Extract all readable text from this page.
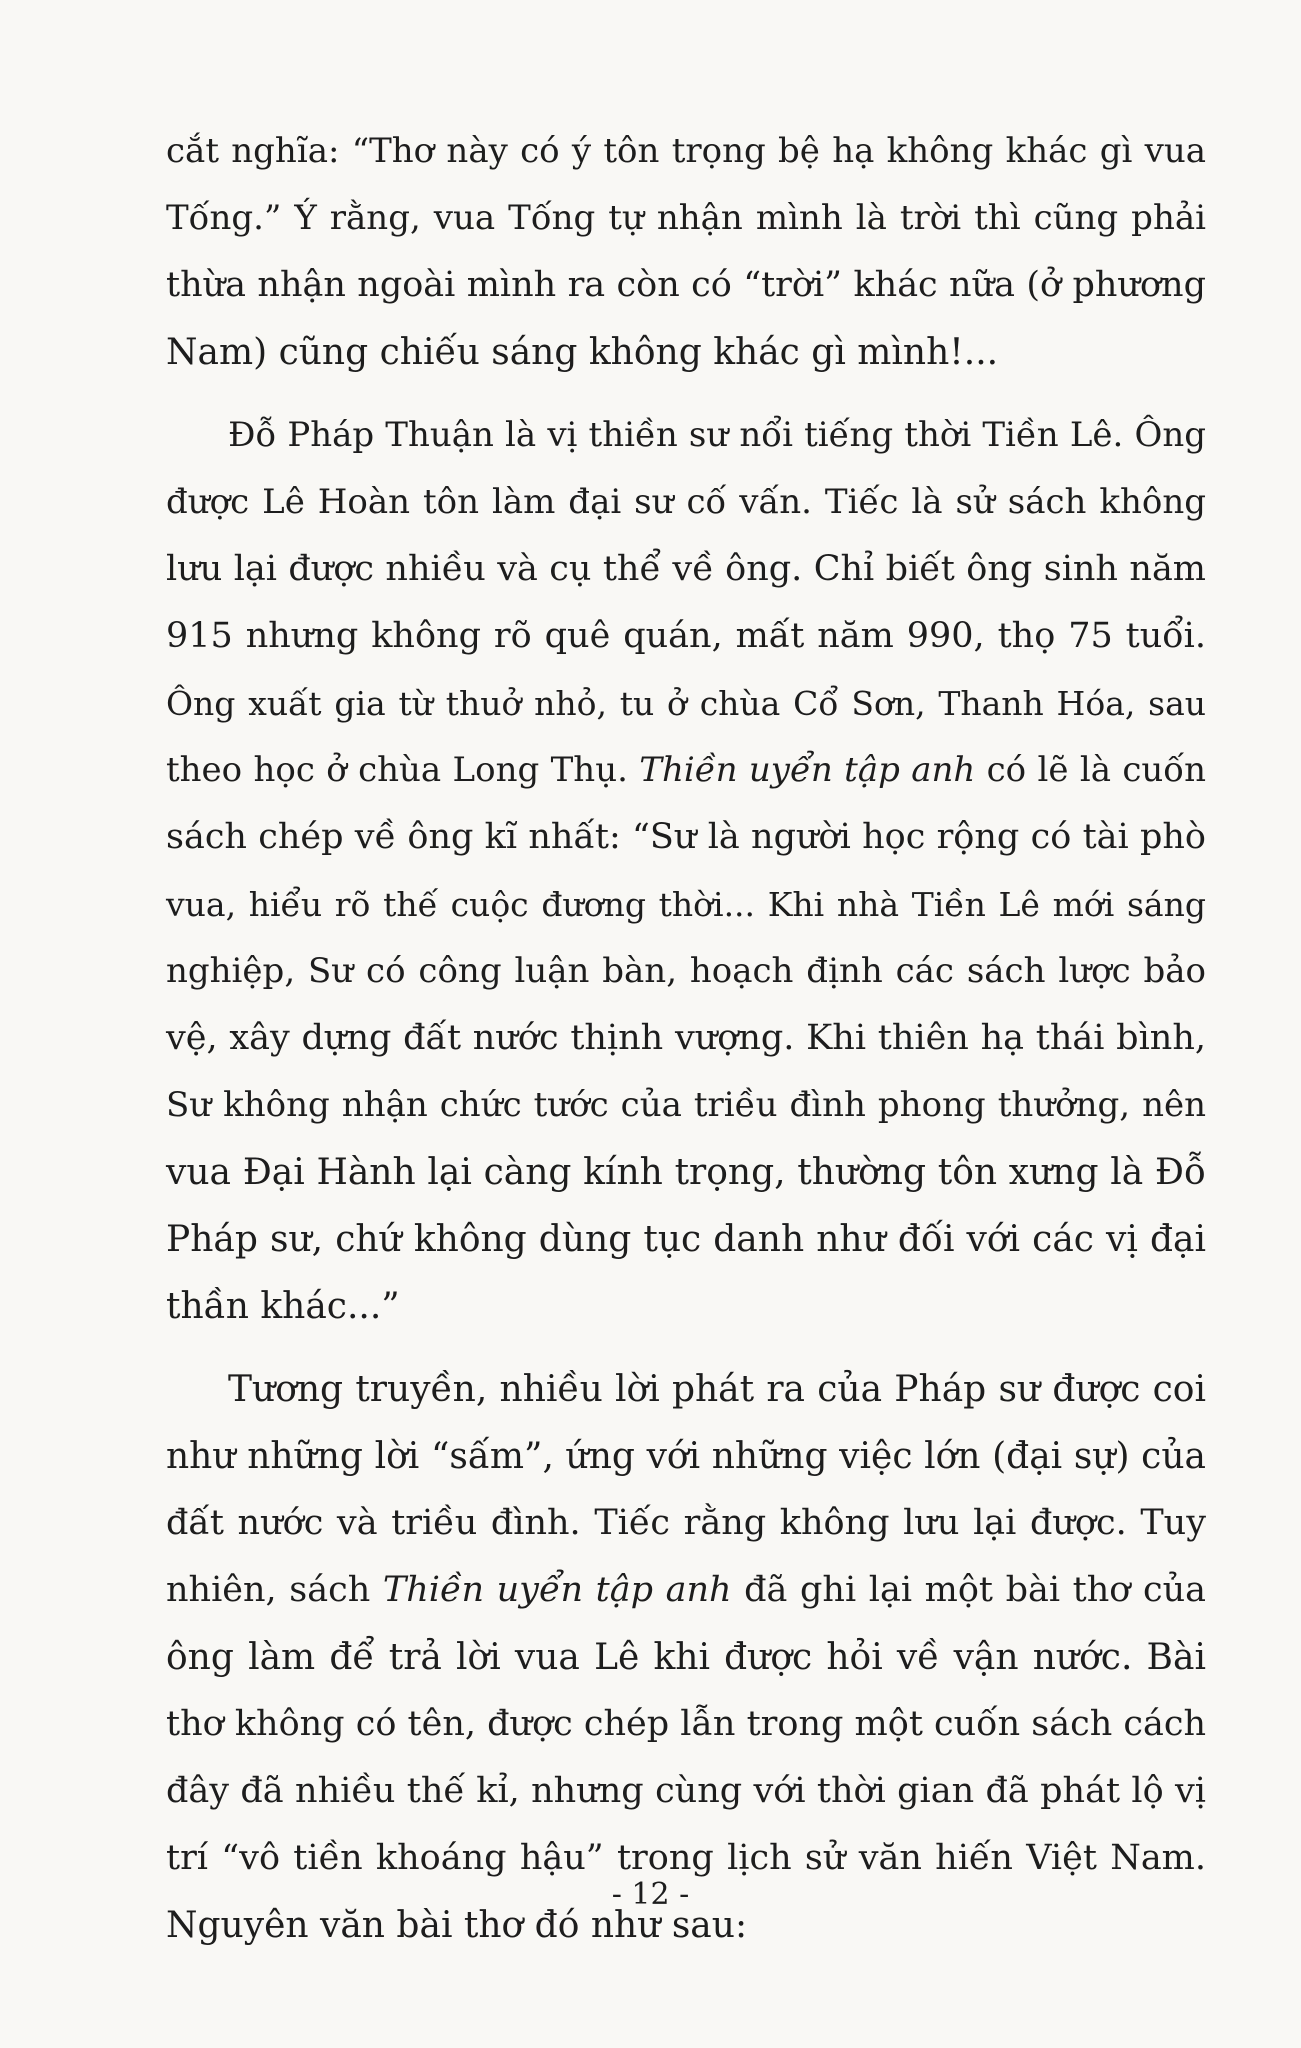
cắt nghĩa: “Thơ này có ý tôn trọng bệ hạ không khác gì vua
Tống.” Ý rằng, vua Tống tự nhận mình là trời thì cũng phải
thừa nhận ngoài mình ra còn có “trời” khác nữa (ở phương
Nam) cũng chiếu sáng không khác gì mình!...
Đỗ Pháp Thuận là vị thiền sư nổi tiếng thời Tiền Lê. Ông
được Lê Hoàn tôn làm đại sư cố vấn. Tiếc là sử sách không
lưu lại được nhiều và cụ thể về ông. Chỉ biết ông sinh năm
915 nhưng không rõ quê quán, mất năm 990, thọ 75 tuổi.
Ông xuất gia từ thuở nhỏ, tu ở chùa Cổ Sơn, Thanh Hóa, sau
theo học ở chùa Long Thụ. Thiền uyển tập anh có lẽ là cuốn
sách chép về ông kĩ nhất: “Sư là người học rộng có tài phò
vua, hiểu rõ thế cuộc đương thời... Khi nhà Tiền Lê mới sáng
nghiệp, Sư có công luận bàn, hoạch định các sách lược bảo
vệ, xây dựng đất nước thịnh vượng. Khi thiên hạ thái bình,
Sư không nhận chức tước của triều đình phong thưởng, nên
vua Đại Hành lại càng kính trọng, thường tôn xưng là Đỗ
Pháp sư, chứ không dùng tục danh như đối với các vị đại
thần khác...”
Tương truyền, nhiều lời phát ra của Pháp sư được coi
như những lời “sấm”, ứng với những việc lớn (đại sự) của
đất nước và triều đình. Tiếc rằng không lưu lại được. Tuy
nhiên, sách Thiền uyển tập anh đã ghi lại một bài thơ của
ông làm để trả lời vua Lê khi được hỏi về vận nước. Bài
thơ không có tên, được chép lẫn trong một cuốn sách cách
đây đã nhiều thế kỉ, nhưng cùng với thời gian đã phát lộ vị
trí “vô tiền khoáng hậu” trong lịch sử văn hiến Việt Nam.
Nguyên văn bài thơ đó như sau:
- 12 -
